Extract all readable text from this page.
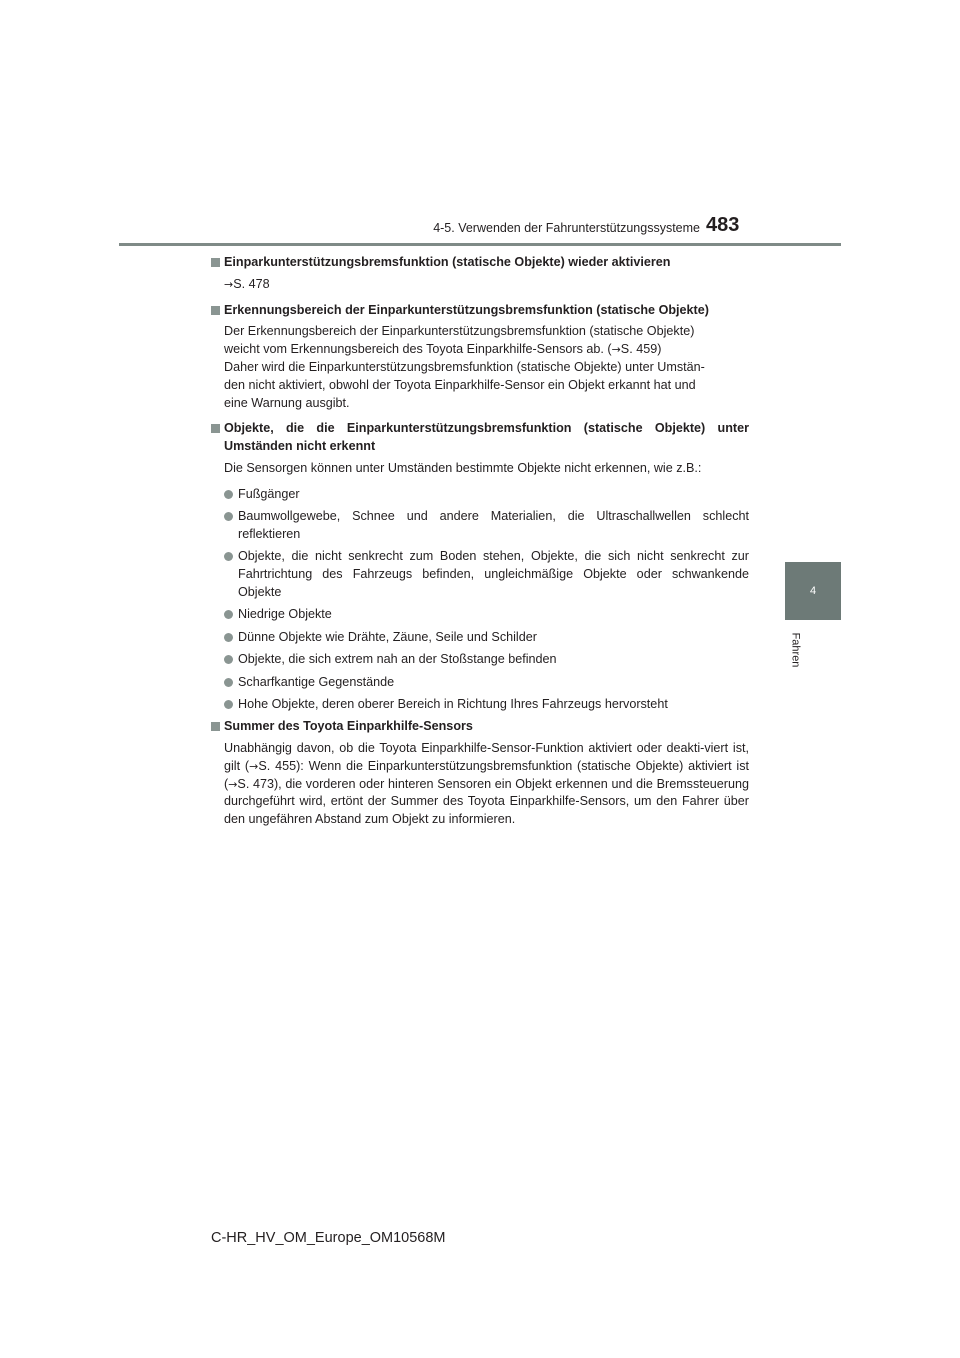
4-5. Verwenden der Fahrunterstützungssysteme 483
4
Fahren
Einparkunterstützungsbremsfunktion (statische Objekte) wieder aktivieren
→S. 478
Erkennungsbereich der Einparkunterstützungsbremsfunktion (statische Objekte)
Der Erkennungsbereich der Einparkunterstützungsbremsfunktion (statische Objekte)
weicht vom Erkennungsbereich des Toyota Einparkhilfe-Sensors ab. (→S. 459)
Daher wird die Einparkunterstützungsbremsfunktion (statische Objekte) unter Umstän-
den nicht aktiviert, obwohl der Toyota Einparkhilfe-Sensor ein Objekt erkannt hat und
eine Warnung ausgibt.
Objekte, die die Einparkunterstützungsbremsfunktion (statische Objekte) unter Umständen nicht erkennt
Die Sensorgen können unter Umständen bestimmte Objekte nicht erkennen, wie z.B.:
Fußgänger
Baumwollgewebe, Schnee und andere Materialien, die Ultraschallwellen schlecht reflektieren
Objekte, die nicht senkrecht zum Boden stehen, Objekte, die sich nicht senkrecht zur Fahrtrichtung des Fahrzeugs befinden, ungleichmäßige Objekte oder schwankende Objekte
Niedrige Objekte
Dünne Objekte wie Drähte, Zäune, Seile und Schilder
Objekte, die sich extrem nah an der Stoßstange befinden
Scharfkantige Gegenstände
Hohe Objekte, deren oberer Bereich in Richtung Ihres Fahrzeugs hervorsteht
Summer des Toyota Einparkhilfe-Sensors
Unabhängig davon, ob die Toyota Einparkhilfe-Sensor-Funktion aktiviert oder deakti-viert ist, gilt (→S. 455): Wenn die Einparkunterstützungsbremsfunktion (statische Objekte) aktiviert ist (→S. 473), die vorderen oder hinteren Sensoren ein Objekt erkennen und die Bremssteuerung durchgeführt wird, ertönt der Summer des Toyota Einparkhilfe-Sensors, um den Fahrer über den ungefähren Abstand zum Objekt zu informieren.
C-HR_HV_OM_Europe_OM10568M
